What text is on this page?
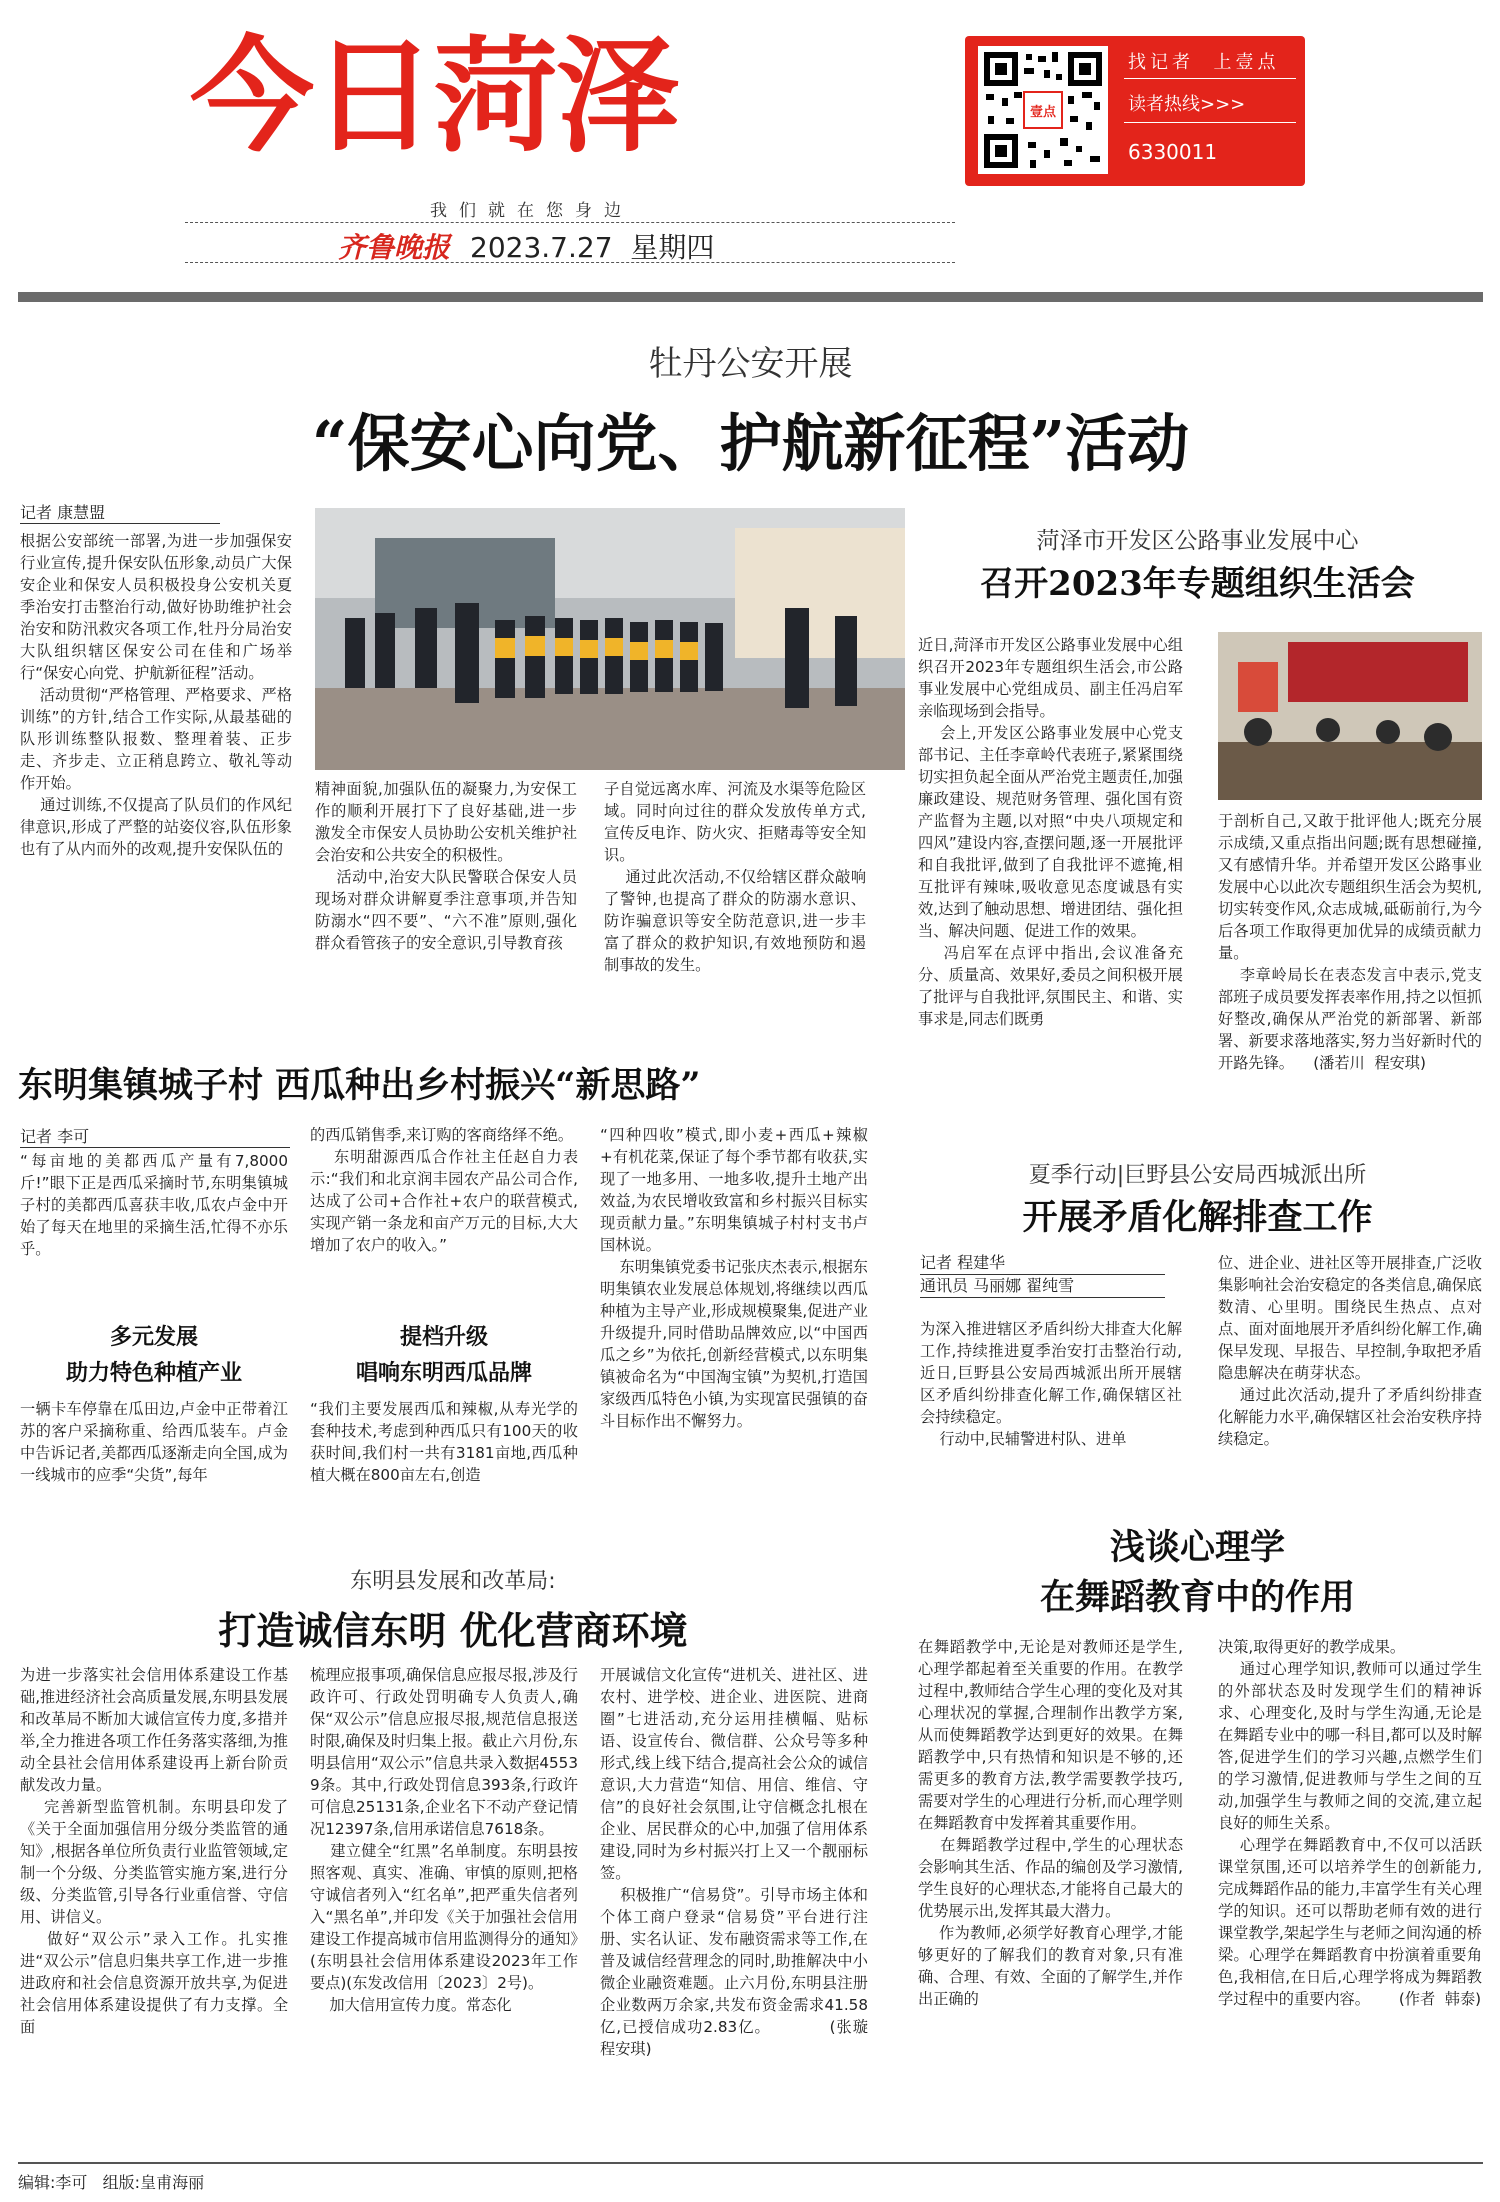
今日菏泽
我们就在您身边
齐鲁晚报 2023.7.27 星期四
壹点
找记者 上壹点
读者热线>>>
6330011
牡丹公安开展
“保安心向党、护航新征程”活动
记者 康慧盟
根据公安部统一部署,为进一步加强保安行业宣传,提升保安队伍形象,动员广大保安企业和保安人员积极投身公安机关夏季治安打击整治行动,做好协助维护社会治安和防汛救灾各项工作,牡丹分局治安大队组织辖区保安公司在佳和广场举行“保安心向党、护航新征程”活动。
活动贯彻“严格管理、严格要求、严格训练”的方针,结合工作实际,从最基础的队形训练整队报数、整理着装、正步走、齐步走、立正稍息跨立、敬礼等动作开始。
通过训练,不仅提高了队员们的作风纪律意识,形成了严整的站姿仪容,队伍形象也有了从内而外的改观,提升安保队伍的
精神面貌,加强队伍的凝聚力,为安保工作的顺利开展打下了良好基础,进一步激发全市保安人员协助公安机关维护社会治安和公共安全的积极性。
活动中,治安大队民警联合保安人员现场对群众讲解夏季注意事项,并告知防溺水“四不要”、“六不准”原则,强化群众看管孩子的安全意识,引导教育孩
子自觉远离水库、河流及水渠等危险区域。同时向过往的群众发放传单方式,宣传反电诈、防火灾、拒赌毒等安全知识。
通过此次活动,不仅给辖区群众敲响了警钟,也提高了群众的防溺水意识、防诈骗意识等安全防范意识,进一步丰富了群众的救护知识,有效地预防和遏制事故的发生。
菏泽市开发区公路事业发展中心
召开2023年专题组织生活会
近日,菏泽市开发区公路事业发展中心组织召开2023年专题组织生活会,市公路事业发展中心党组成员、副主任冯启军亲临现场到会指导。
会上,开发区公路事业发展中心党支部书记、主任李章岭代表班子,紧紧围绕切实担负起全面从严治党主题责任,加强廉政建设、规范财务管理、强化国有资产监督为主题,以对照“中央八项规定和四风”建设内容,查摆问题,逐一开展批评和自我批评,做到了自我批评不遮掩,相互批评有辣味,吸收意见态度诚恳有实效,达到了触动思想、增进团结、强化担当、解决问题、促进工作的效果。
冯启军在点评中指出,会议准备充分、质量高、效果好,委员之间积极开展了批评与自我批评,氛围民主、和谐、实事求是,同志们既勇
于剖析自己,又敢于批评他人;既充分展示成绩,又重点指出问题;既有思想碰撞,又有感情升华。并希望开发区公路事业发展中心以此次专题组织生活会为契机,切实转变作风,众志成城,砥砺前行,为今后各项工作取得更加优异的成绩贡献力量。
李章岭局长在表态发言中表示,党支部班子成员要发挥表率作用,持之以恒抓好整改,确保从严治党的新部署、新部署、新要求落地落实,努力当好新时代的开路先锋。    (潘若川  程安琪)
东明集镇城子村 西瓜种出乡村振兴“新思路”
记者 李可
“每亩地的美都西瓜产量有7,8000斤!”眼下正是西瓜采摘时节,东明集镇城子村的美都西瓜喜获丰收,瓜农卢金中开始了每天在地里的采摘生活,忙得不亦乐乎。
多元发展
助力特色种植产业
一辆卡车停靠在瓜田边,卢金中正带着江苏的客户采摘称重、给西瓜装车。卢金中告诉记者,美都西瓜逐渐走向全国,成为一线城市的应季“尖货”,每年
的西瓜销售季,来订购的客商络绎不绝。
东明甜源西瓜合作社主任赵自力表示:“我们和北京润丰园农产品公司合作,达成了公司+合作社+农户的联营模式,实现产销一条龙和亩产万元的目标,大大增加了农户的收入。”
提档升级
唱响东明西瓜品牌
“我们主要发展西瓜和辣椒,从寿光学的套种技术,考虑到种西瓜只有100天的收获时间,我们村一共有3181亩地,西瓜种植大概在800亩左右,创造
“四种四收”模式,即小麦+西瓜+辣椒+有机花菜,保证了每个季节都有收获,实现了一地多用、一地多收,提升土地产出效益,为农民增收致富和乡村振兴目标实现贡献力量。”东明集镇城子村村支书卢国林说。
东明集镇党委书记张庆杰表示,根据东明集镇农业发展总体规划,将继续以西瓜种植为主导产业,形成规模聚集,促进产业升级提升,同时借助品牌效应,以“中国西瓜之乡”为依托,创新经营模式,以东明集镇被命名为“中国淘宝镇”为契机,打造国家级西瓜特色小镇,为实现富民强镇的奋斗目标作出不懈努力。
夏季行动|巨野县公安局西城派出所
开展矛盾化解排查工作
记者 程建华
通讯员 马丽娜 翟纯雪
为深入推进辖区矛盾纠纷大排查大化解工作,持续推进夏季治安打击整治行动,近日,巨野县公安局西城派出所开展辖区矛盾纠纷排查化解工作,确保辖区社会持续稳定。
行动中,民辅警进村队、进单
位、进企业、进社区等开展排查,广泛收集影响社会治安稳定的各类信息,确保底数清、心里明。围绕民生热点、点对点、面对面地展开矛盾纠纷化解工作,确保早发现、早报告、早控制,争取把矛盾隐患解决在萌芽状态。
通过此次活动,提升了矛盾纠纷排查化解能力水平,确保辖区社会治安秩序持续稳定。
东明县发展和改革局:
打造诚信东明 优化营商环境
为进一步落实社会信用体系建设工作基础,推进经济社会高质量发展,东明县发展和改革局不断加大诚信宣传力度,多措并举,全力推进各项工作任务落实落细,为推动全县社会信用体系建设再上新台阶贡献发改力量。
完善新型监管机制。东明县印发了《关于全面加强信用分级分类监管的通知》,根据各单位所负责行业监管领域,定制一个分级、分类监管实施方案,进行分级、分类监管,引导各行业重信誉、守信用、讲信义。
做好“双公示”录入工作。扎实推进“双公示”信息归集共享工作,进一步推进政府和社会信息资源开放共享,为促进社会信用体系建设提供了有力支撑。全面
梳理应报事项,确保信息应报尽报,涉及行政许可、行政处罚明确专人负责人,确保“双公示”信息应报尽报,规范信息报送时限,确保及时归集上报。截止六月份,东明县信用“双公示”信息共录入数据45539条。其中,行政处罚信息393条,行政许可信息25131条,企业名下不动产登记情况12397条,信用承诺信息7618条。
建立健全“红黑”名单制度。东明县按照客观、真实、准确、审慎的原则,把格守诚信者列入“红名单”,把严重失信者列入“黑名单”,并印发《关于加强社会信用建设工作提高城市信用监测得分的通知》(东明县社会信用体系建设2023年工作要点)(东发改信用〔2023〕2号)。
加大信用宣传力度。常态化
开展诚信文化宣传“进机关、进社区、进农村、进学校、进企业、进医院、进商圈”七进活动,充分运用挂横幅、贴标语、设宣传台、微信群、公众号等多种形式,线上线下结合,提高社会公众的诚信意识,大力营造“知信、用信、维信、守信”的良好社会氛围,让守信概念扎根在企业、居民群众的心中,加强了信用体系建设,同时为乡村振兴打上又一个靓丽标签。
积极推广“信易贷”。引导市场主体和个体工商户登录“信易贷”平台进行注册、实名认证、发布融资需求等工作,在普及诚信经营理念的同时,助推解决中小微企业融资难题。止六月份,东明县注册企业数两万余家,共发布资金需求41.58亿,已授信成功2.83亿。          (张璇  程安琪)
浅谈心理学
在舞蹈教育中的作用
在舞蹈教学中,无论是对教师还是学生,心理学都起着至关重要的作用。在教学过程中,教师结合学生心理的变化及对其心理状况的掌握,合理制作出教学方案,从而使舞蹈教学达到更好的效果。在舞蹈教学中,只有热情和知识是不够的,还需更多的教育方法,教学需要教学技巧,需要对学生的心理进行分析,而心理学则在舞蹈教育中发挥着其重要作用。
在舞蹈教学过程中,学生的心理状态会影响其生活、作品的编创及学习激情,学生良好的心理状态,才能将自己最大的优势展示出,发挥其最大潜力。
作为教师,必须学好教育心理学,才能够更好的了解我们的教育对象,只有准确、合理、有效、全面的了解学生,并作出正确的
决策,取得更好的教学成果。
通过心理学知识,教师可以通过学生的外部状态及时发现学生们的精神诉求、心理变化,及时与学生沟通,无论是在舞蹈专业中的哪一科目,都可以及时解答,促进学生们的学习兴趣,点燃学生们的学习激情,促进教师与学生之间的互动,加强学生与教师之间的交流,建立起良好的师生关系。
心理学在舞蹈教育中,不仅可以活跃课堂氛围,还可以培养学生的创新能力,完成舞蹈作品的能力,丰富学生有关心理学的知识。还可以帮助老师有效的进行课堂教学,架起学生与老师之间沟通的桥梁。心理学在舞蹈教育中扮演着重要角色,我相信,在日后,心理学将成为舞蹈教学过程中的重要内容。      (作者  韩泰)
编辑:李可 组版:皇甫海丽
